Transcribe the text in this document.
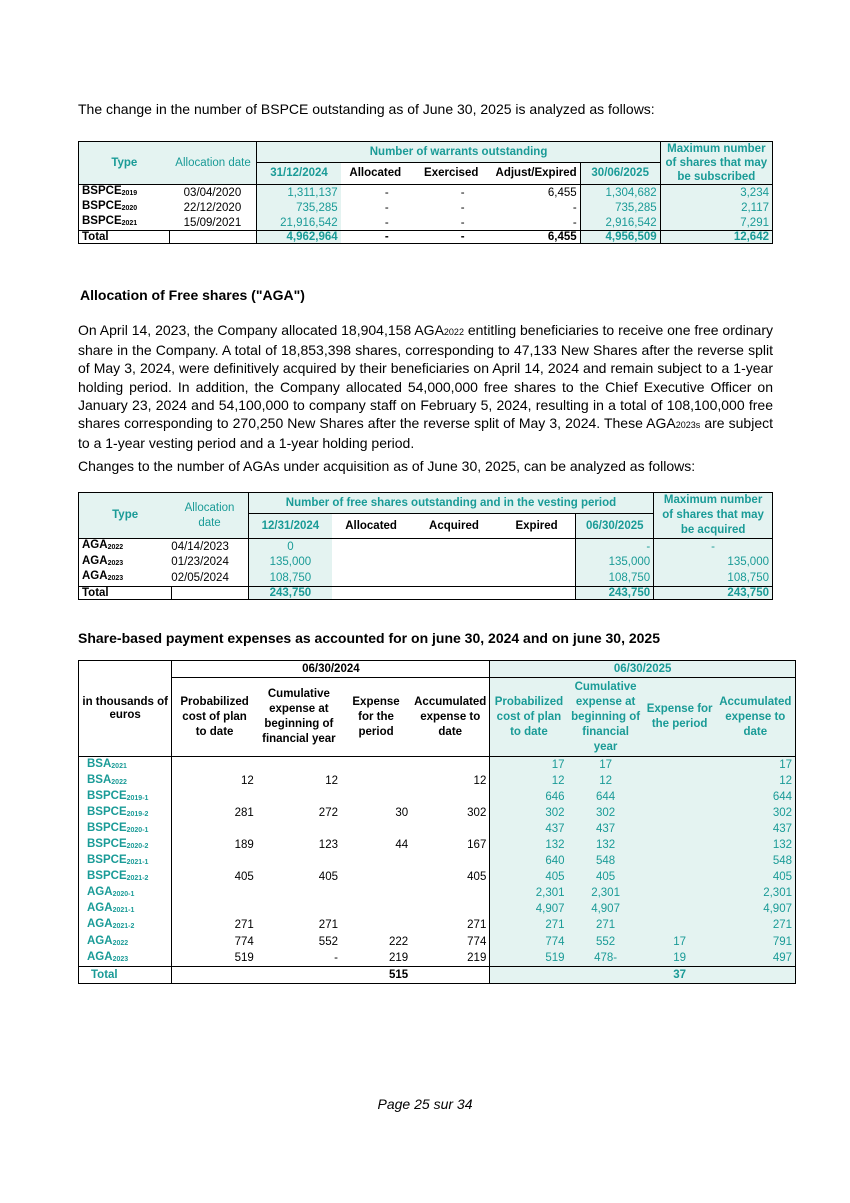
The change in the number of BSPCE outstanding as of June 30, 2025 is analyzed as follows:
Type	Allocation date	Number of warrants outstanding					Maximum number of shares that may be subscribed
		31/12/2024	Allocated	Exercised	Adjust/Expired	30/06/2025	
$BSPCE_{2019}$	03/04/2020	1,311,137	-	-	6,455	1,304,682	3,234
$BSPCE_{2020}$	22/12/2020	735,285	-	-	-	735,285	2,117
$BSPCE_{2021}$	15/09/2021	21,916,542	-	-	-	2,916,542	7,291
Total		4,962,964	-	-	6,455	4,956,509	12,642
Allocation of Free shares ("AGA")
On April 14, 2023, the Company allocated 18,904,158 AGA2022 entitling beneficiaries to receive one free ordinary share in the Company. A total of 18,853,398 shares, corresponding to 47,133 New Shares after the reverse split of May 3, 2024, were definitively acquired by their beneficiaries on April 14, 2024 and remain subject to a 1-year holding period. In addition, the Company allocated 54,000,000 free shares to the Chief Executive Officer on January 23, 2024 and 54,100,000 to company staff on February 5, 2024, resulting in a total of 108,100,000 free shares corresponding to 270,250 New Shares after the reverse split of May 3, 2024. These AGA2023s are subject to a 1-year vesting period and a 1-year holding period.
Changes to the number of AGAs under acquisition as of June 30, 2025, can be analyzed as follows:
Type	Allocation date	Number of free shares outstanding and in the vesting period					Maximum number of shares that may be acquired
		12/31/2024	Allocated	Acquired	Expired	06/30/2025	
$AGA_{2022}$	04/14/2023	0				-	-
$AGA_{2023}$	01/23/2024	135,000				135,000	135,000
$AGA_{2023}$	02/05/2024	108,750				108,750	108,750
Total		243,750				243,750	243,750
Share-based payment expenses as accounted for on june 30, 2024 and on june 30, 2025
in thousands of euros	06/30/2024				06/30/2025			
	Probabilized cost of plan to date	Cumulative expense at beginning of financial year	Expense for the period	Accumulated expense to date	Probabilized cost of plan to date	Cumulative expense at beginning of financial year	Expense for the period	Accumulated expense to date
$BSA_{2021}$					17	17		17
$BSA_{2022}$	12	12		12	12	12		12
$BSPCE_{2019-1}$					646	644		644
$BSPCE_{2019-2}$	281	272	30	302	302	302		302
$BSPCE_{2020-1}$					437	437		437
$BSPCE_{2020-2}$	189	123	44	167	132	132		132
$BSPCE_{2021-1}$					640	548		548
$BSPCE_{2021-2}$	405	405		405	405	405		405
$AGA_{2020-1}$					2,301	2,301		2,301
$AGA_{2021-1}$					4,907	4,907		4,907
$AGA_{2021-2}$	271	271		271	271	271		271
$AGA_{2022}$	774	552	222	774	774	552	17	791
$AGA_{2023}$	519	-	219	219	519	478-	19	497
Total			515				37	
Page 25 sur 34
